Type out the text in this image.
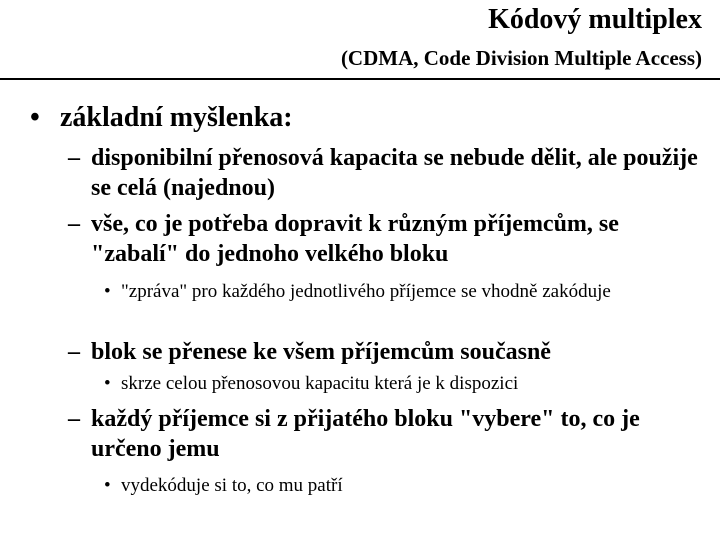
Kódový multiplex
(CDMA, Code Division Multiple Access)
• základní myšlenka:
– disponibilní přenosová kapacita se nebude dělit, ale použije se celá (najednou)
– vše, co je potřeba dopravit k různým příjemcům, se "zabalí" do jednoho velkého bloku
• "zpráva" pro každého jednotlivého příjemce se vhodně zakóduje
– blok se přenese ke všem příjemcům současně
• skrze celou přenosovou kapacitu která je k dispozici
– každý příjemce si z přijatého bloku "vybere" to, co je určeno jemu
• vydekóduje si to, co mu patří
